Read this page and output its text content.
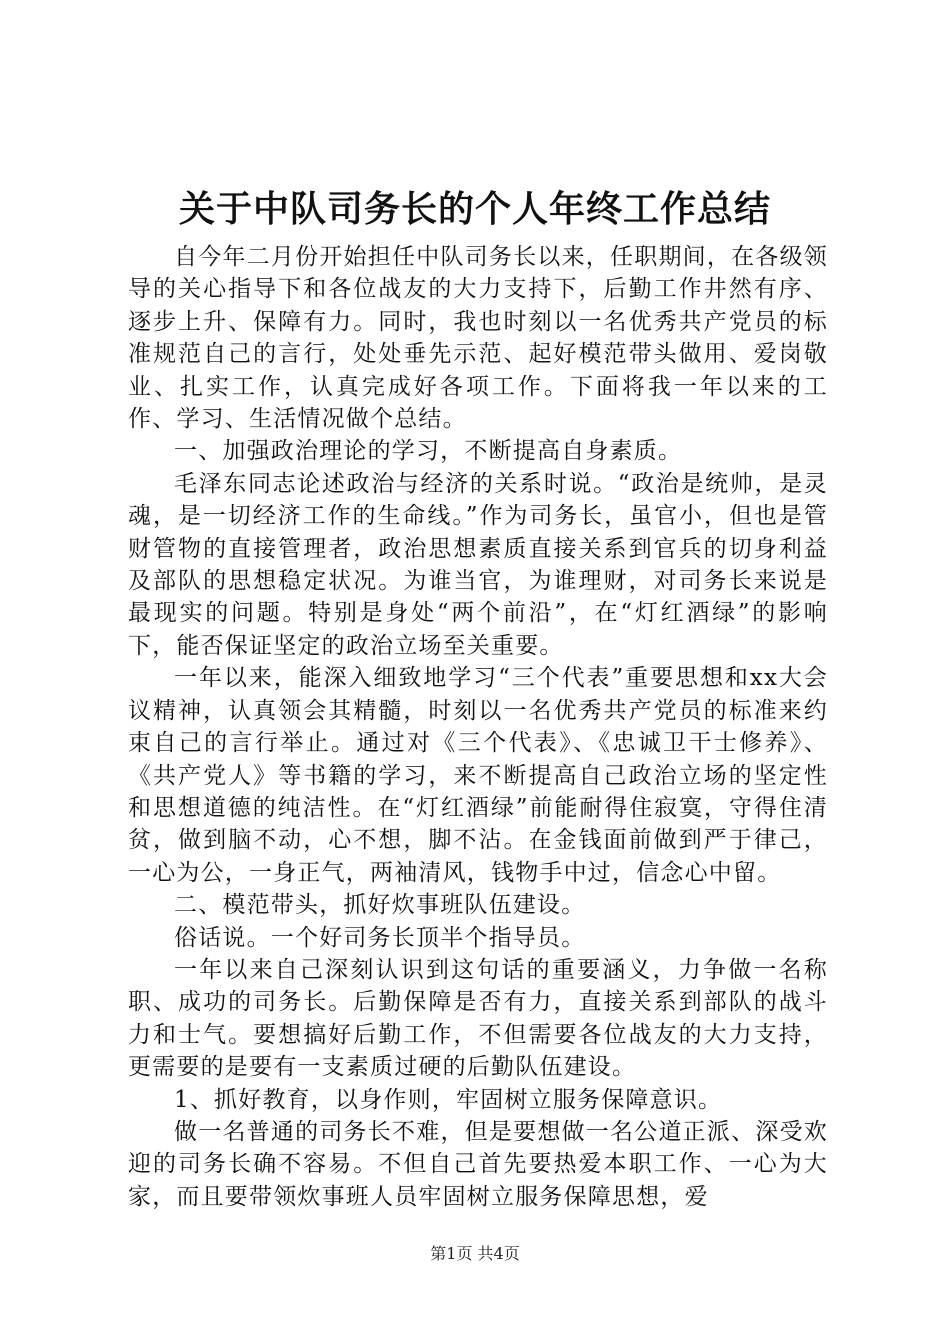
关于中队司务长的个人年终工作总结

自今年二月份开始担任中队司务长以来，任职期间，在各级领导的关心指导下和各位战友的大力支持下，后勤工作井然有序、逐步上升、保障有力。同时，我也时刻以一名优秀共产党员的标准规范自己的言行，处处垂先示范、起好模范带头做用、爱岗敬业、扎实工作，认真完成好各项工作。下面将我一年以来的工作、学习、生活情况做个总结。

一、加强政治理论的学习，不断提高自身素质。

毛泽东同志论述政治与经济的关系时说。“政治是统帅，是灵魂，是一切经济工作的生命线。”作为司务长，虽官小，但也是管财管物的直接管理者，政治思想素质直接关系到官兵的切身利益及部队的思想稳定状况。为谁当官，为谁理财，对司务长来说是最现实的问题。特别是身处“两个前沿”，在“灯红酒绿”的影响下，能否保证坚定的政治立场至关重要。

一年以来，能深入细致地学习“三个代表”重要思想和xx大会议精神，认真领会其精髓，时刻以一名优秀共产党员的标准来约束自己的言行举止。通过对《三个代表》、《忠诚卫干士修养》、《共产党人》等书籍的学习，来不断提高自己政治立场的坚定性和思想道德的纯洁性。在“灯红酒绿”前能耐得住寂寞，守得住清贫，做到脑不动，心不想，脚不沾。在金钱面前做到严于律己，一心为公，一身正气，两袖清风，钱物手中过，信念心中留。

二、模范带头，抓好炊事班队伍建设。

俗话说。一个好司务长顶半个指导员。

一年以来自己深刻认识到这句话的重要涵义，力争做一名称职、成功的司务长。后勤保障是否有力，直接关系到部队的战斗力和士气。要想搞好后勤工作，不但需要各位战友的大力支持，更需要的是要有一支素质过硬的后勤队伍建设。

1、抓好教育，以身作则，牢固树立服务保障意识。

做一名普通的司务长不难，但是要想做一名公道正派、深受欢迎的司务长确不容易。不但自己首先要热爱本职工作、一心为大家，而且要带领炊事班人员牢固树立服务保障思想，爱

第1页 共4页
